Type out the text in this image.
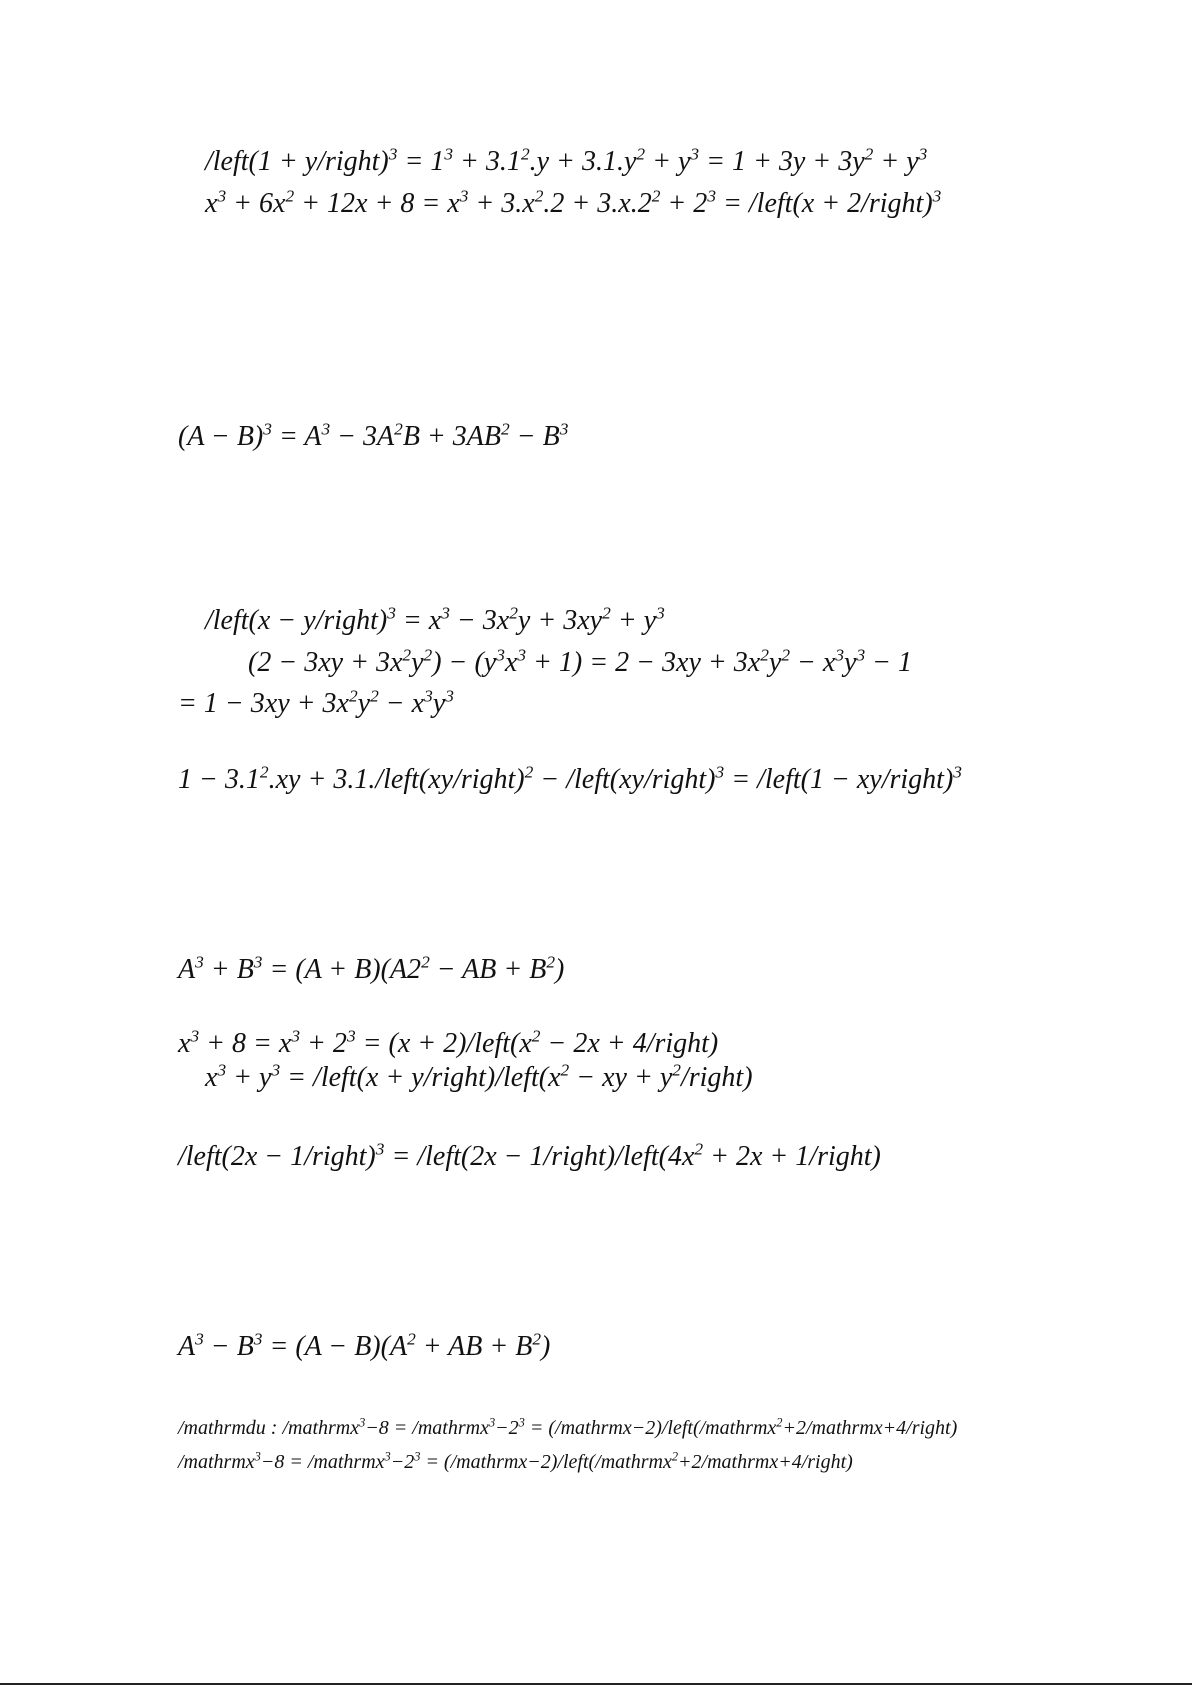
/left(1 + y/right)$^3$ = $1^3 + 3.1^2.y + 3.1.y^2 + y^3 = 1 + 3y + 3y^2 + y^3$
$x^3 + 6x^2 + 12x + 8 = x^3 + 3.x^2.2 + 3.x.2^2 + 2^3$ = /left(x + 2/right)$^3$
$(A - B)^3 = A^3 - 3A^2B + 3AB^2 - B^3$
/left(x − y/right)$^3$ = $x^3 - 3x^2y + 3xy^2 + y^3$
$(2 - 3xy + 3x^2y^2) - (y^3x^3 + 1) = 2 - 3xy + 3x^2y^2 - x^3y^3 - 1$
= $1 - 3xy + 3x^2y^2 - x^3y^3$
$1 - 3.1^2.xy$ + 3.1./left(xy/right)$^2$ − /left(xy/right)$^3$ = /left(1 − xy/right)$^3$
$A^3 + B^3 = (A + B)(A2^2$ − AB + $B^2$)
$x^3 + 8 = x^3 + 2^3 = (x$ + $2)/left(x^2 - 2x$ + 4/right)
$x^3 + y^3$ = /left(x + $y/right)/left(x^2$ − xy + $y^2/right$)
/left(2x − 1/right)$^3$ = /left(2x − $1/right)/left(4x^2 + 2x$ + 1/right)
$A^3 - B^3 = (A - B)(A^2$ + AB + $B^2$)
/mathrmdu : /mathrmx$^3$−8 = $/mathrmx^3-2^3$ = (/mathrmx−2)/left(/mathrmx$^2$+2/mathrmx+4/right)
/mathrmx$^3$−8 = $/mathrmx^3-2^3$ = (/mathrmx−2)/left(/mathrmx$^2$+2/mathrmx+4/right)
